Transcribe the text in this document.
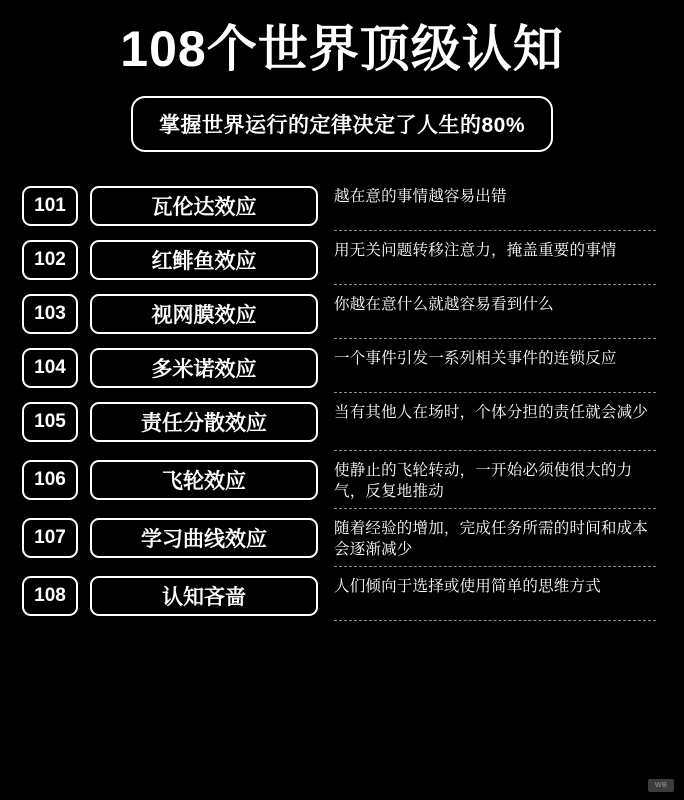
108个世界顶级认知
掌握世界运行的定律决定了人生的80%
101	瓦伦达效应	越在意的事情越容易出错
102	红鲱鱼效应	用无关问题转移注意力，掩盖重要的事情
103	视网膜效应	你越在意什么就越容易看到什么
104	多米诺效应	一个事件引发一系列相关事件的连锁反应
105	责任分散效应	当有其他人在场时，个体分担的责任就会减少
106	飞轮效应	使静止的飞轮转动，一开始必须使很大的力气，反复地推动
107	学习曲线效应	随着经验的增加，完成任务所需的时间和成本会逐渐减少
108	认知吝啬	人们倾向于选择或使用简单的思维方式
WB
